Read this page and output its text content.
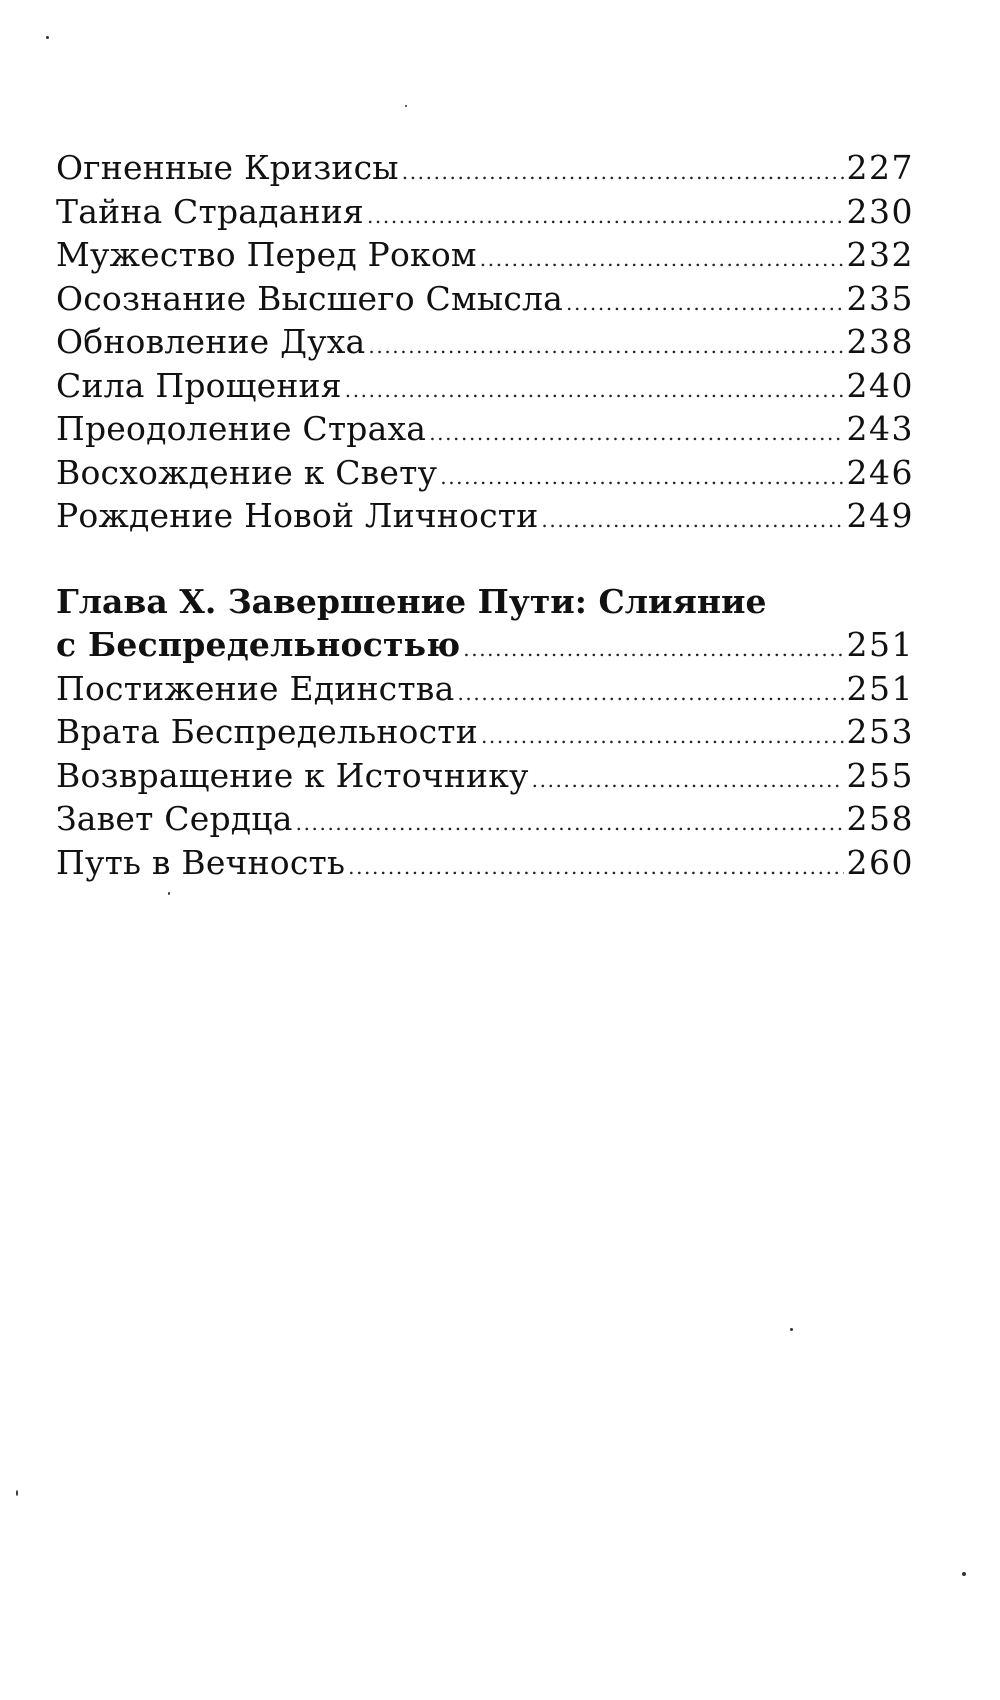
Огненные Кризисы .....	227
Тайна Страдания .....	230
Мужество Перед Роком .....	232
Осознание Высшего Смысла .....	235
Обновление Духа .....	238
Сила Прощения .....	240
Преодоление Страха .....	243
Восхождение к Свету .....	246
Рождение Новой Личности .....	249
Глава X. Завершение Пути: Слияние
с Беспредельностью .....	251
Постижение Единства .....	251
Врата Беспредельности .....	253
Возвращение к Источнику .....	255
Завет Сердца .....	258
Путь в Вечность .....	260
